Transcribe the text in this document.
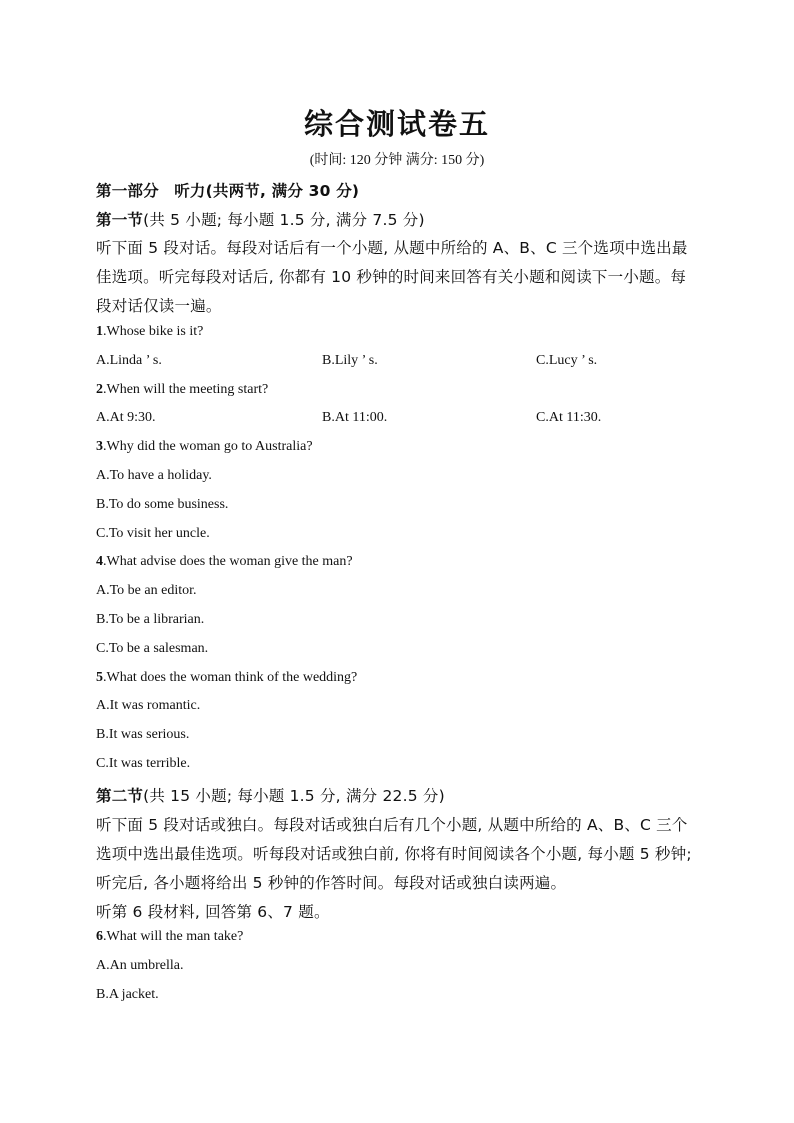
综合测试卷五
(时间: 120 分钟 满分: 150 分)
第一部分 听力(共两节, 满分 30 分)
第一节(共 5 小题; 每小题 1.5 分, 满分 7.5 分)
听下面 5 段对话。每段对话后有一个小题, 从题中所给的 A、B、C 三个选项中选出最
佳选项。听完每段对话后, 你都有 10 秒钟的时间来回答有关小题和阅读下一小题。每
段对话仅读一遍。
1.Whose bike is it?
A.Linda ’ s.	B.Lily ’ s.	C.Lucy ’ s.
2.When will the meeting start?
A.At 9:30.	B.At 11:00.	C.At 11:30.
3.Why did the woman go to Australia?
A.To have a holiday.
B.To do some business.
C.To visit her uncle.
4.What advise does the woman give the man?
A.To be an editor.
B.To be a librarian.
C.To be a salesman.
5.What does the woman think of the wedding?
A.It was romantic.
B.It was serious.
C.It was terrible.
第二节(共 15 小题; 每小题 1.5 分, 满分 22.5 分)
听下面 5 段对话或独白。每段对话或独白后有几个小题, 从题中所给的 A、B、C 三个
选项中选出最佳选项。听每段对话或独白前, 你将有时间阅读各个小题, 每小题 5 秒钟;
听完后, 各小题将给出 5 秒钟的作答时间。每段对话或独白读两遍。
听第 6 段材料, 回答第 6、7 题。
6.What will the man take?
A.An umbrella.
B.A jacket.
